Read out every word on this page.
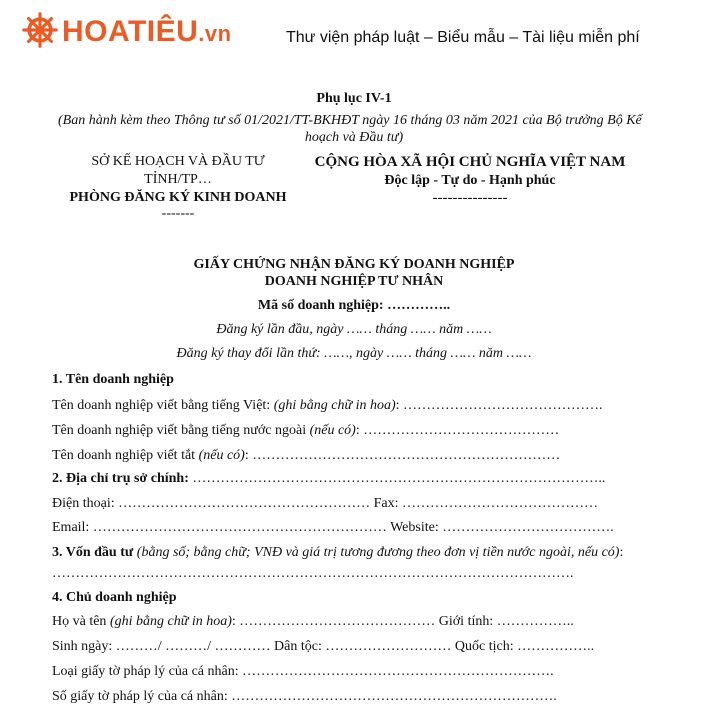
HOATIÊU.vn	Thư viện pháp luật – Biểu mẫu – Tài liệu miễn phí
Phụ lục IV-1
(Ban hành kèm theo Thông tư số 01/2021/TT-BKHĐT ngày 16 tháng 03 năm 2021 của Bộ trưởng Bộ Kế
hoạch và Đầu tư)
SỞ KẾ HOẠCH VÀ ĐẦU TƯ
TỈNH/TP…
PHÒNG ĐĂNG KÝ KINH DOANH
-------
CỘNG HÒA XÃ HỘI CHỦ NGHĨA VIỆT NAM
Độc lập - Tự do - Hạnh phúc
---------------
GIẤY CHỨNG NHẬN ĐĂNG KÝ DOANH NGHIỆP
DOANH NGHIỆP TƯ NHÂN
Mã số doanh nghiệp: …………..
Đăng ký lần đầu, ngày …… tháng …… năm ……
Đăng ký thay đổi lần thứ: ……, ngày …… tháng …… năm ……
1. Tên doanh nghiệp
Tên doanh nghiệp viết bằng tiếng Việt: (ghi bằng chữ in hoa): …………………………………….
Tên doanh nghiệp viết bằng tiếng nước ngoài (nếu có): ……………………………………
Tên doanh nghiệp viết tắt (nếu có): …………………………………………………………
2. Địa chỉ trụ sở chính: ……………………………………………………………………………..
Điện thoại: ……………………………………………… Fax: ……………………………………
Email: ……………………………………………………… Website: ……………………………….
3. Vốn đầu tư (bằng số; bằng chữ; VNĐ và giá trị tương đương theo đơn vị tiền nước ngoài, nếu có):
………………………………………………………………………………………………….
4. Chủ doanh nghiệp
Họ và tên (ghi bằng chữ in hoa): …………………………………… Giới tính: ……………..
Sinh ngày: ………/ ………/ ………… Dân tộc: ……………………… Quốc tịch: ……………..
Loại giấy tờ pháp lý của cá nhân: ………………………………………………………….
Số giấy tờ pháp lý của cá nhân: …………………………………………………………….
